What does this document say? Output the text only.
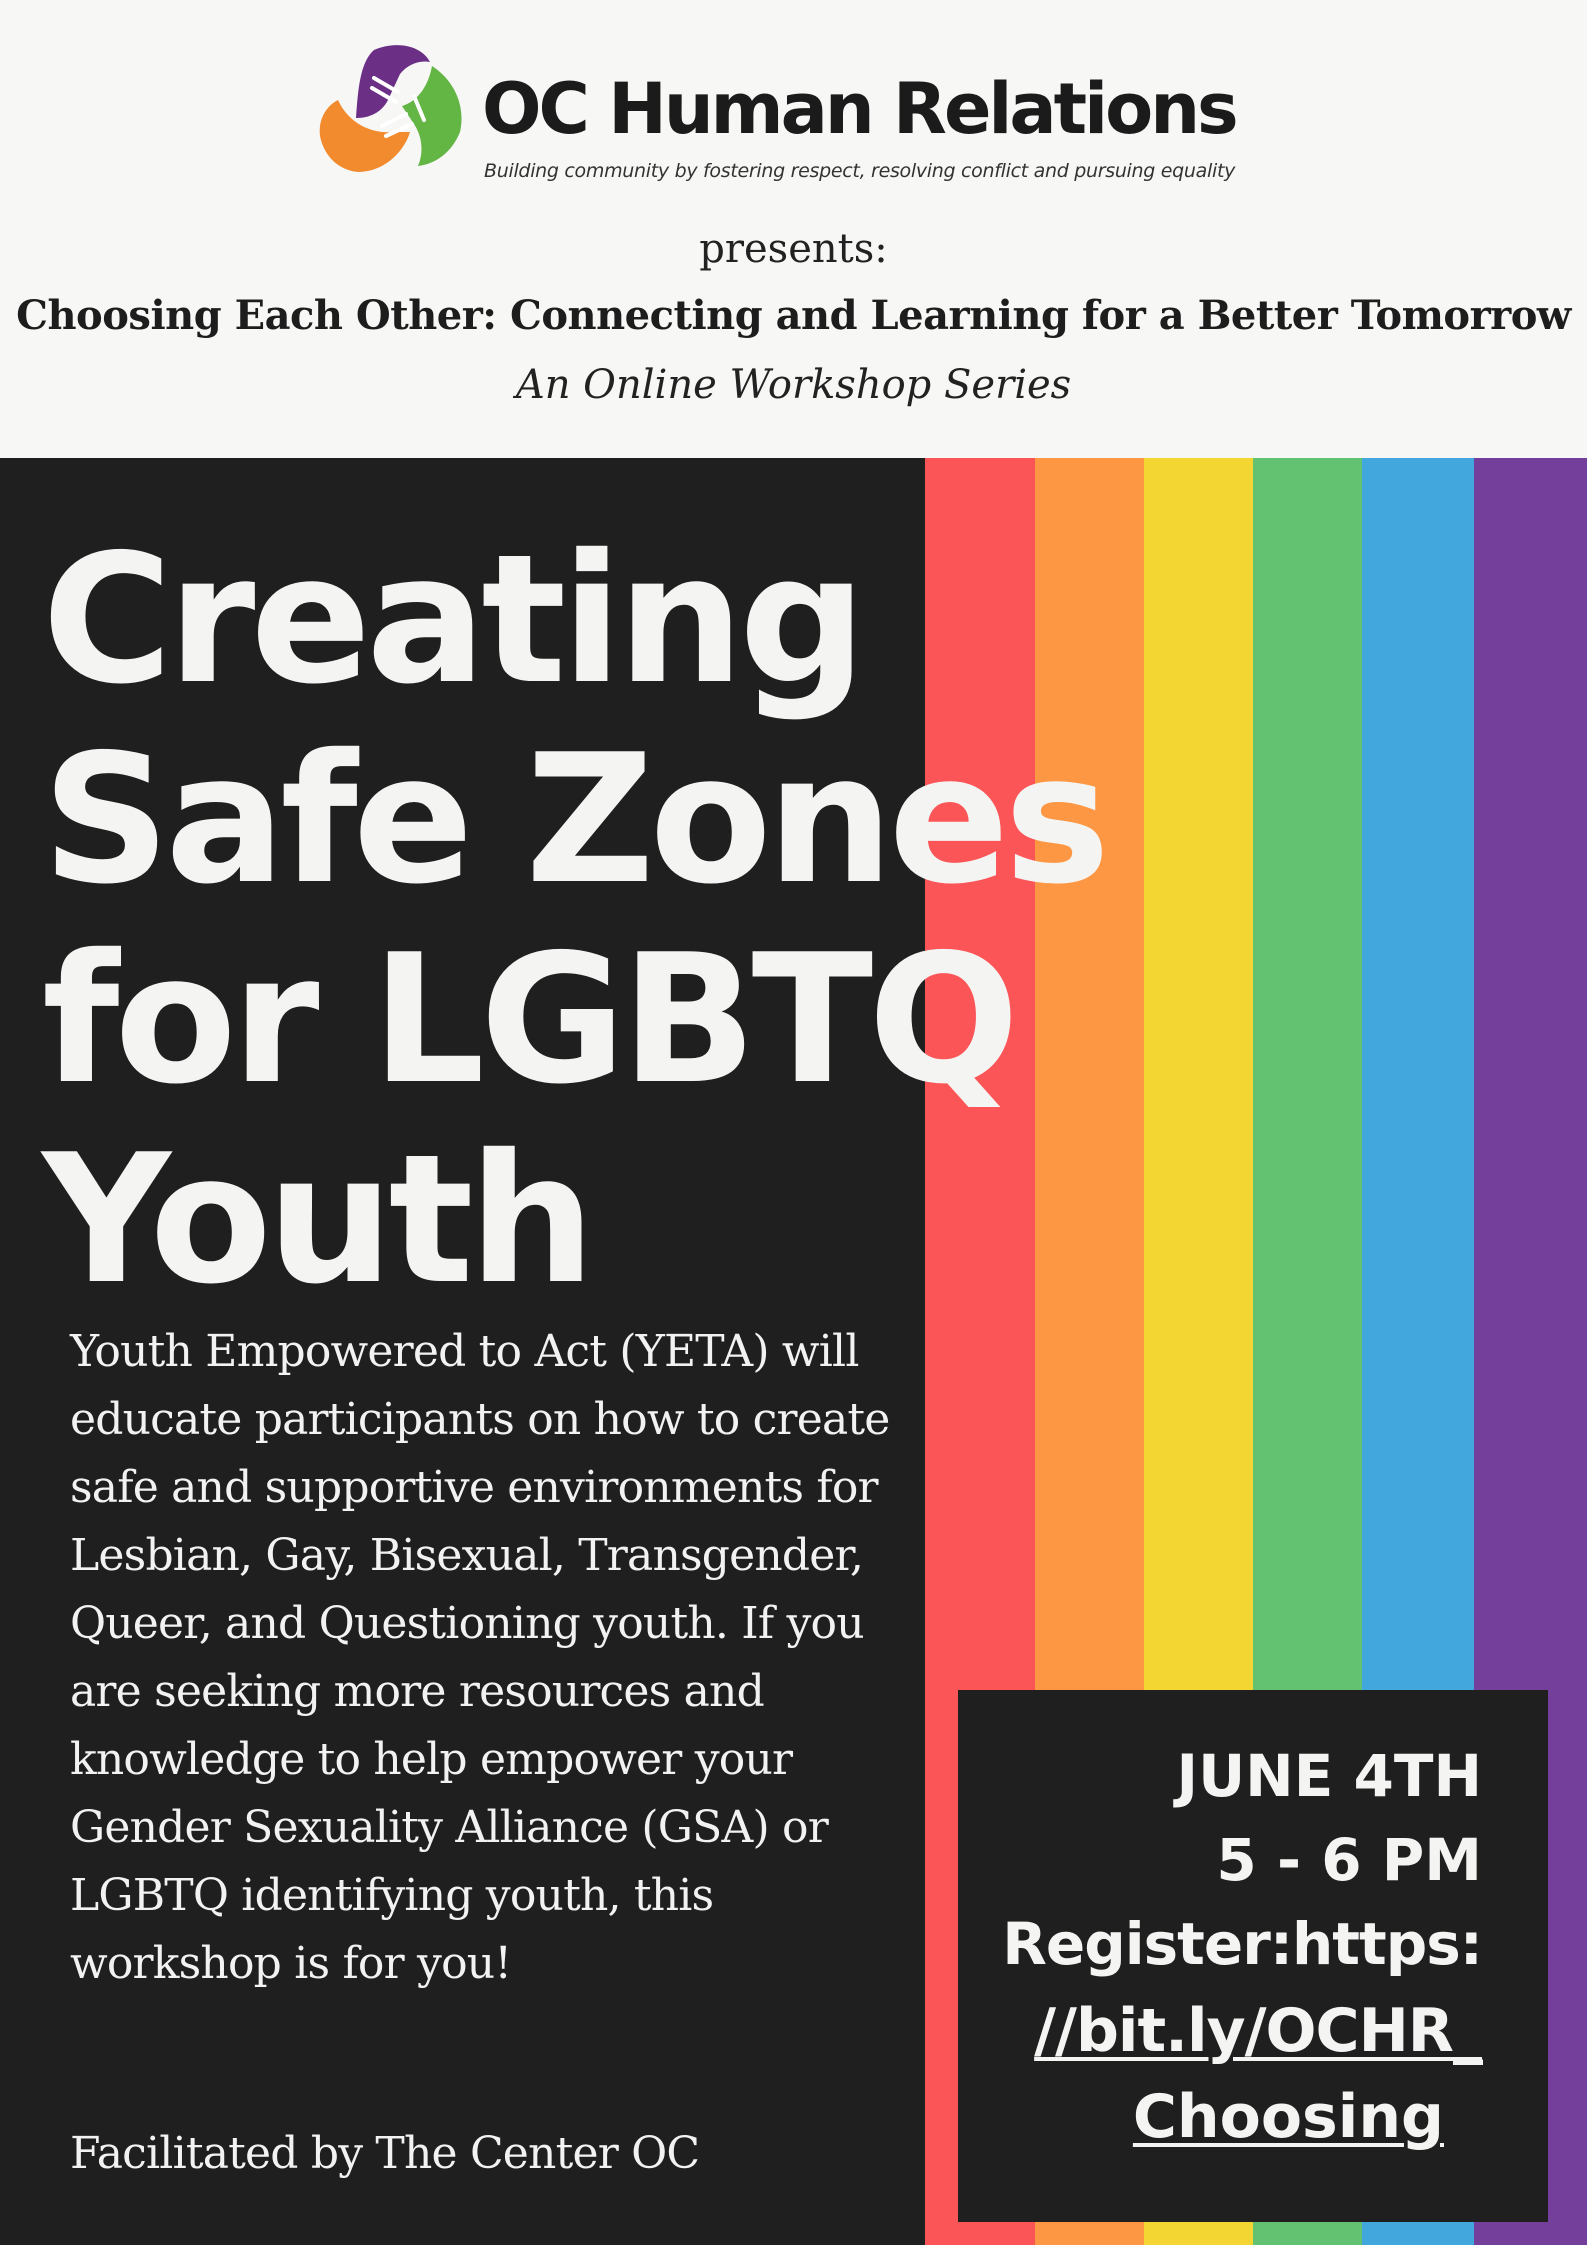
OC Human Relations
Building community by fostering respect, resolving conflict and pursuing equality
presents:
Choosing Each Other: Connecting and Learning for a Better Tomorrow
An Online Workshop Series
Creating
Safe Zones
for LGBTQ
Youth

Youth Empowered to Act (YETA) will educate participants on how to create safe and supportive environments for Lesbian, Gay, Bisexual, Transgender, Queer, and Questioning youth. If you are seeking more resources and knowledge to help empower your Gender Sexuality Alliance (GSA) or LGBTQ identifying youth, this workshop is for you!

Facilitated by The Center OC
JUNE 4TH
5 - 6 PM
Register:https:
//bit.ly/OCHR_
Choosing
